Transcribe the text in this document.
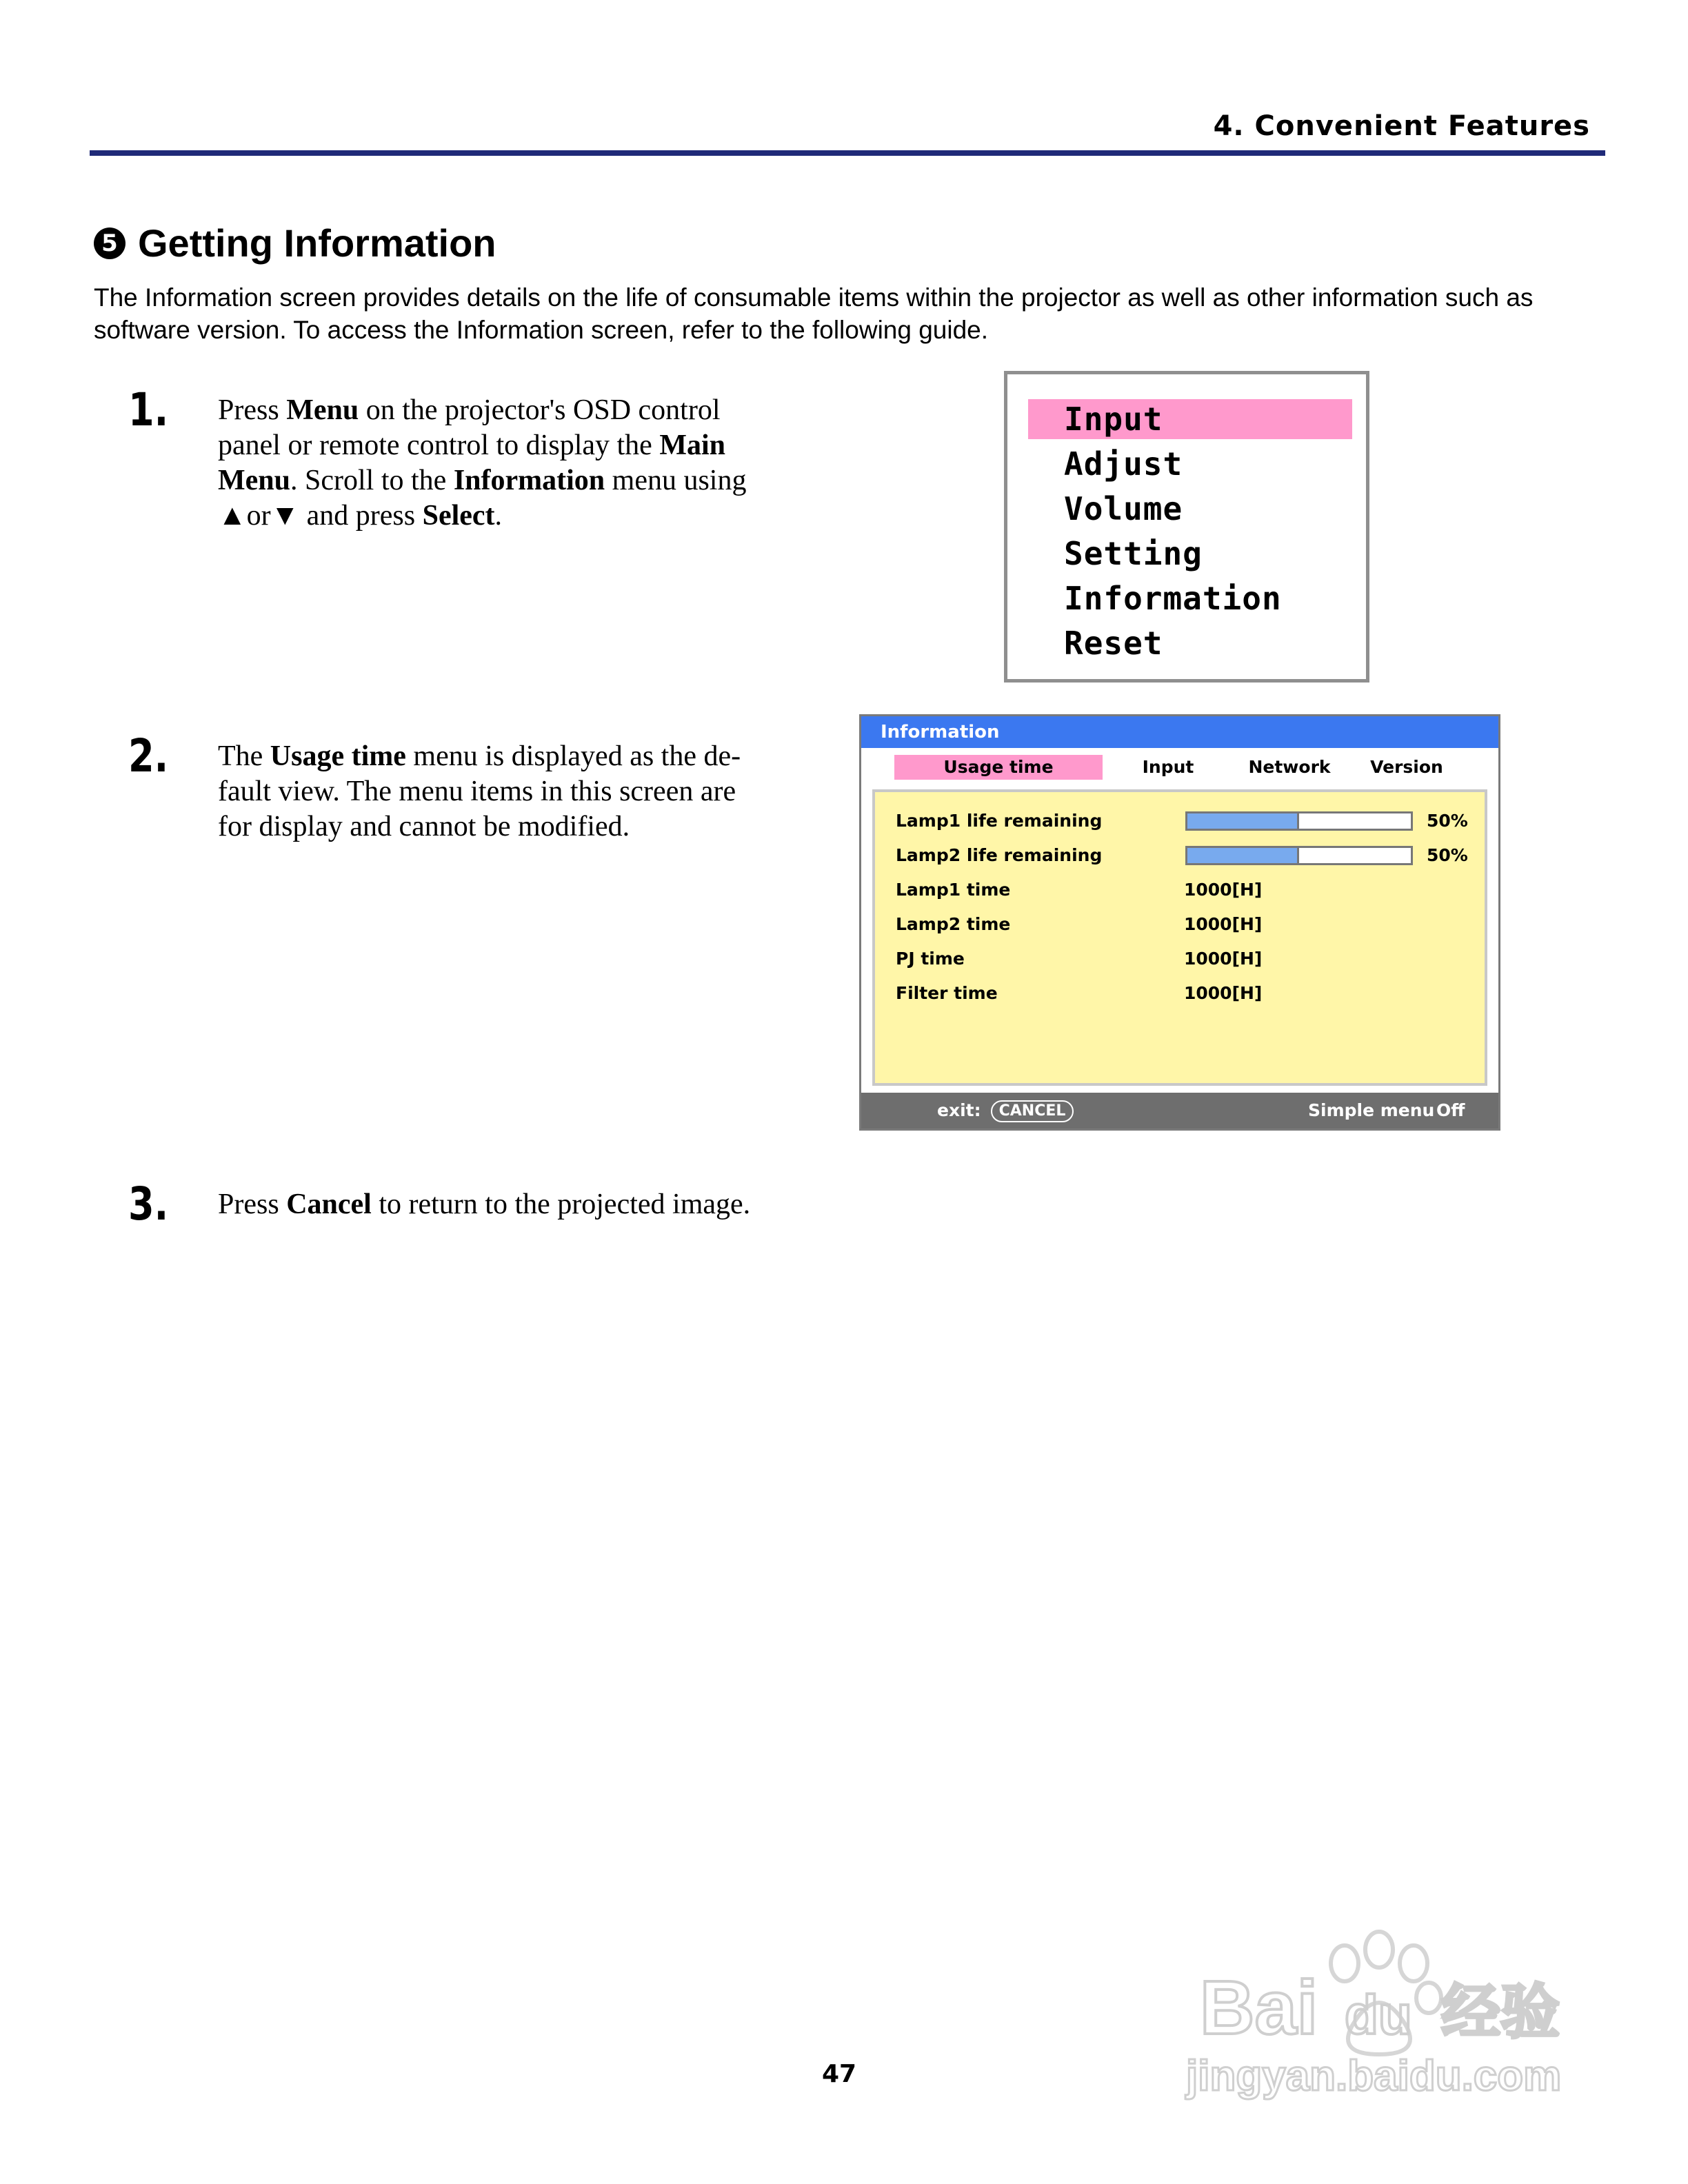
4. Convenient Features
5 Getting Information
The Information screen provides details on the life of consumable items within the projector as well as other information such as software version. To access the Information screen, refer to the following guide.
1. Press Menu on the projector's OSD control panel or remote control to display the Main Menu. Scroll to the Information menu using ▲or▼ and press Select.
Input
Adjust
Volume
Setting
Information
Reset
2. The Usage time menu is displayed as the de-fault view. The menu items in this screen are for display and cannot be modified.
Information
Usage time	Input	Network	Version
Lamp1 life remaining	50%
Lamp2 life remaining	50%
Lamp1 time	1000[H]
Lamp2 time	1000[H]
PJ time	1000[H]
Filter time	1000[H]
exit: CANCEL	Simple menu Off
3. Press Cancel to return to the projected image.
47
Bai du 经验
jingyan.baidu.com
